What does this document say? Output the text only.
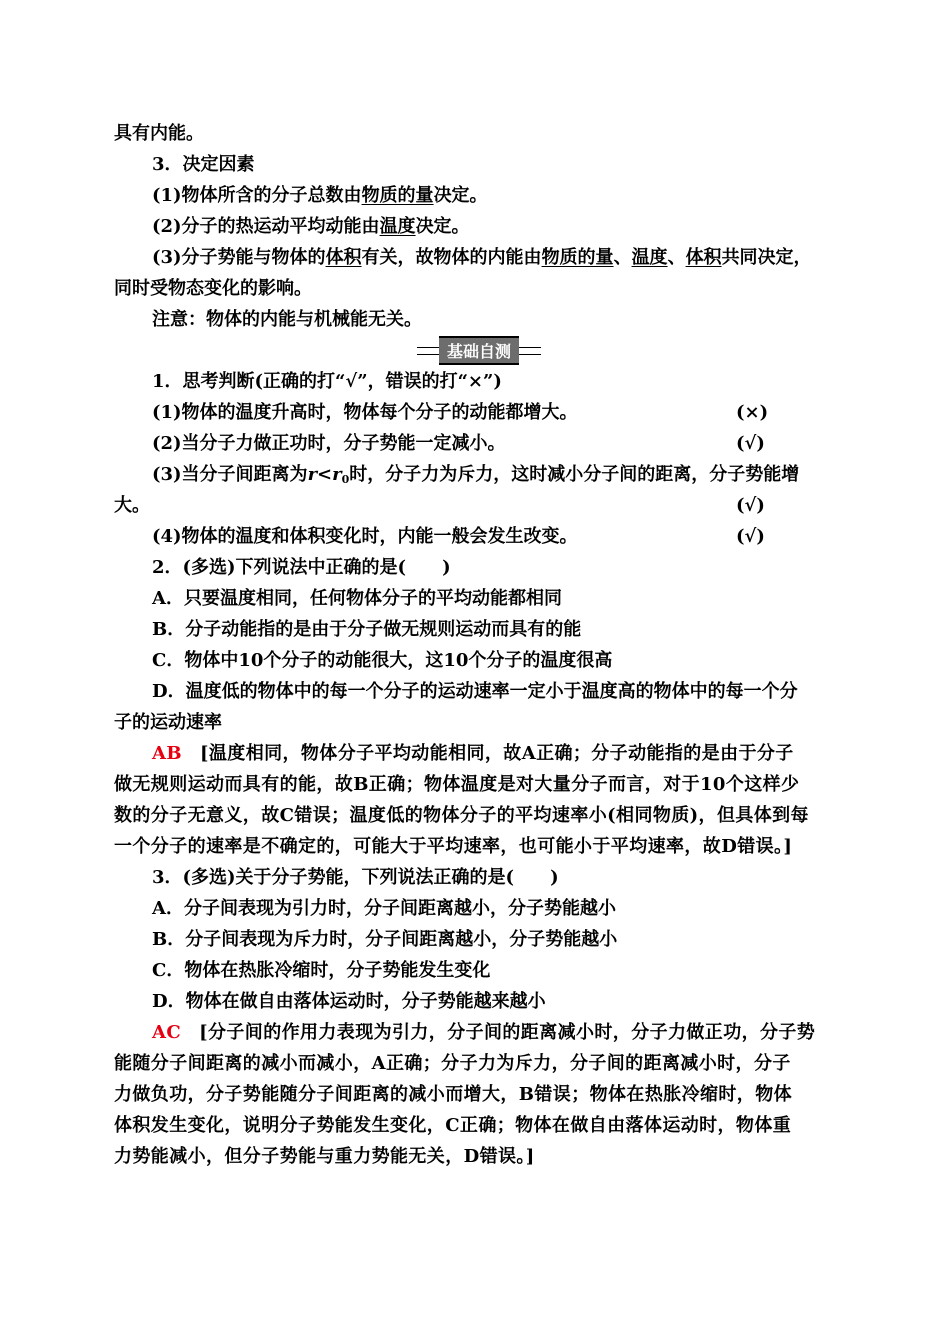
具有内能。
3．决定因素
(1)物体所含的分子总数由物质的量决定。
(2)分子的热运动平均动能由温度决定。
(3)分子势能与物体的体积有关，故物体的内能由物质的量、温度、体积共同决定，
同时受物态变化的影响。
注意：物体的内能与机械能无关。
基础自测
1．思考判断(正确的打“√”，错误的打“×”)
(1)物体的温度升高时，物体每个分子的动能都增大。	(×)
(2)当分子力做正功时，分子势能一定减小。	(√)
(3)当分子间距离为$r<r_0$时，分子力为斥力，这时减小分子间的距离，分子势能增
大。	(√)
(4)物体的温度和体积变化时，内能一般会发生改变。	(√)
2．(多选)下列说法中正确的是(　　)
A．只要温度相同，任何物体分子的平均动能都相同
B．分子动能指的是由于分子做无规则运动而具有的能
C．物体中10个分子的动能很大，这10个分子的温度很高
D．温度低的物体中的每一个分子的运动速率一定小于温度高的物体中的每一个分
子的运动速率
AB [温度相同，物体分子平均动能相同，故A正确；分子动能指的是由于分子
做无规则运动而具有的能，故B正确；物体温度是对大量分子而言，对于10个这样少
数的分子无意义，故C错误；温度低的物体分子的平均速率小(相同物质)，但具体到每
一个分子的速率是不确定的，可能大于平均速率，也可能小于平均速率，故D错误。]
3．(多选)关于分子势能，下列说法正确的是(　　)
A．分子间表现为引力时，分子间距离越小，分子势能越小
B．分子间表现为斥力时，分子间距离越小，分子势能越小
C．物体在热胀冷缩时，分子势能发生变化
D．物体在做自由落体运动时，分子势能越来越小
AC [分子间的作用力表现为引力，分子间的距离减小时，分子力做正功，分子势
能随分子间距离的减小而减小，A正确；分子力为斥力，分子间的距离减小时，分子
力做负功，分子势能随分子间距离的减小而增大，B错误；物体在热胀冷缩时，物体
体积发生变化，说明分子势能发生变化，C正确；物体在做自由落体运动时，物体重
力势能减小，但分子势能与重力势能无关，D错误。]
